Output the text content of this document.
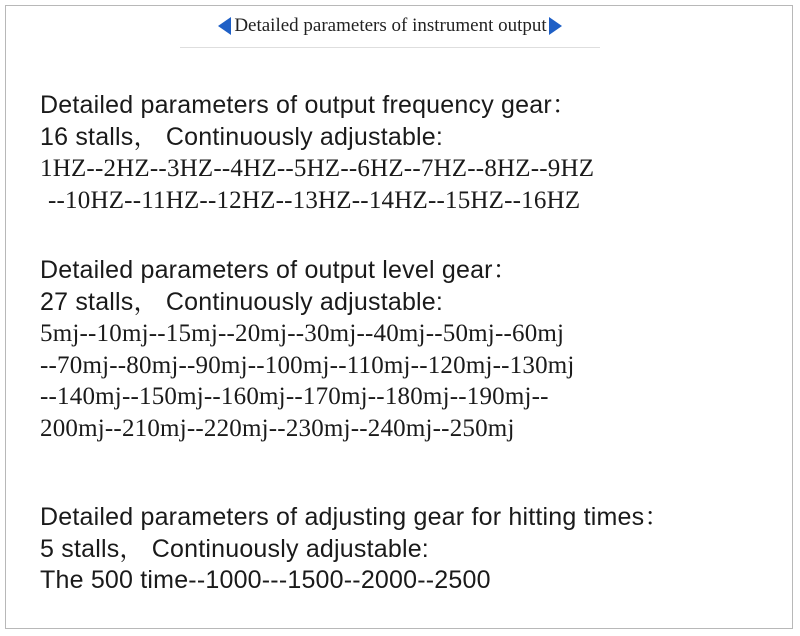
Detailed parameters of instrument output
Detailed parameters of output frequency gear：
16 stalls， Continuously adjustable:
1HZ--2HZ--3HZ--4HZ--5HZ--6HZ--7HZ--8HZ--9HZ
--10HZ--11HZ--12HZ--13HZ--14HZ--15HZ--16HZ
Detailed parameters of output level gear：
27 stalls， Continuously adjustable:
5mj--10mj--15mj--20mj--30mj--40mj--50mj--60mj
--70mj--80mj--90mj--100mj--110mj--120mj--130mj
--140mj--150mj--160mj--170mj--180mj--190mj--
200mj--210mj--220mj--230mj--240mj--250mj
Detailed parameters of adjusting gear for hitting times：
5 stalls， Continuously adjustable:
The 500 time--1000---1500--2000--2500
